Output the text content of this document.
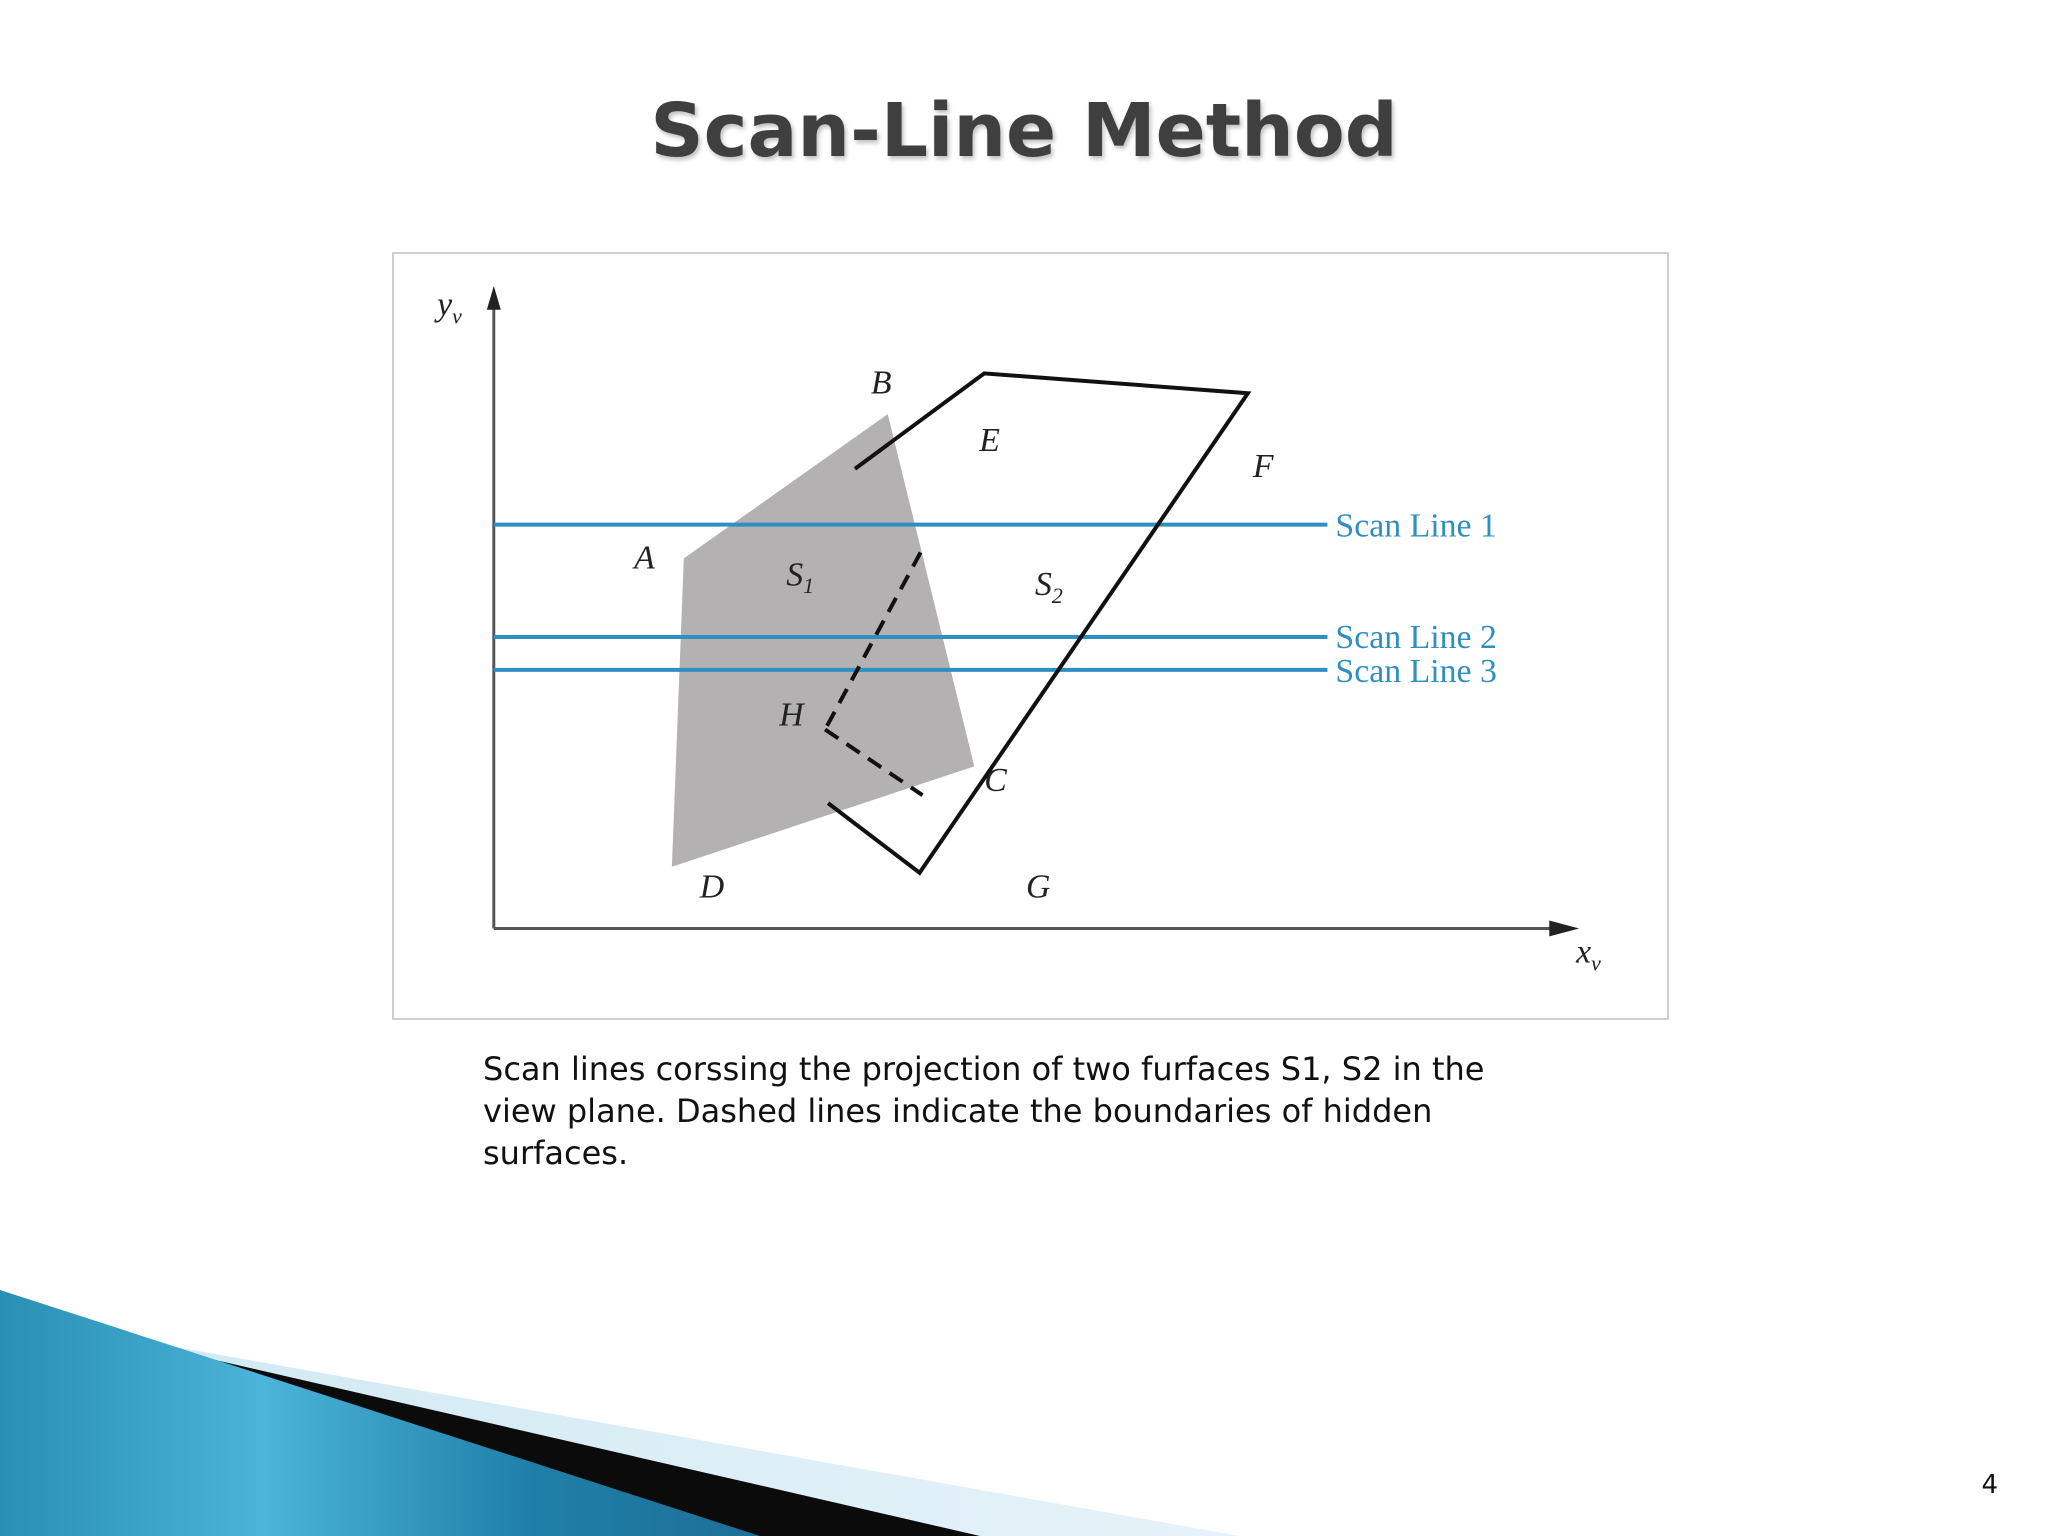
Scan-Line Method
A
B
C
D
E
F
G
H
$S_1$	$S_2$
$y_v$
$x_v$
Scan Line 1
Scan Line 2
Scan Line 3

Scan lines corssing the projection of two furfaces S1, S2 in the view plane. Dashed lines indicate the boundaries of hidden surfaces.

4
